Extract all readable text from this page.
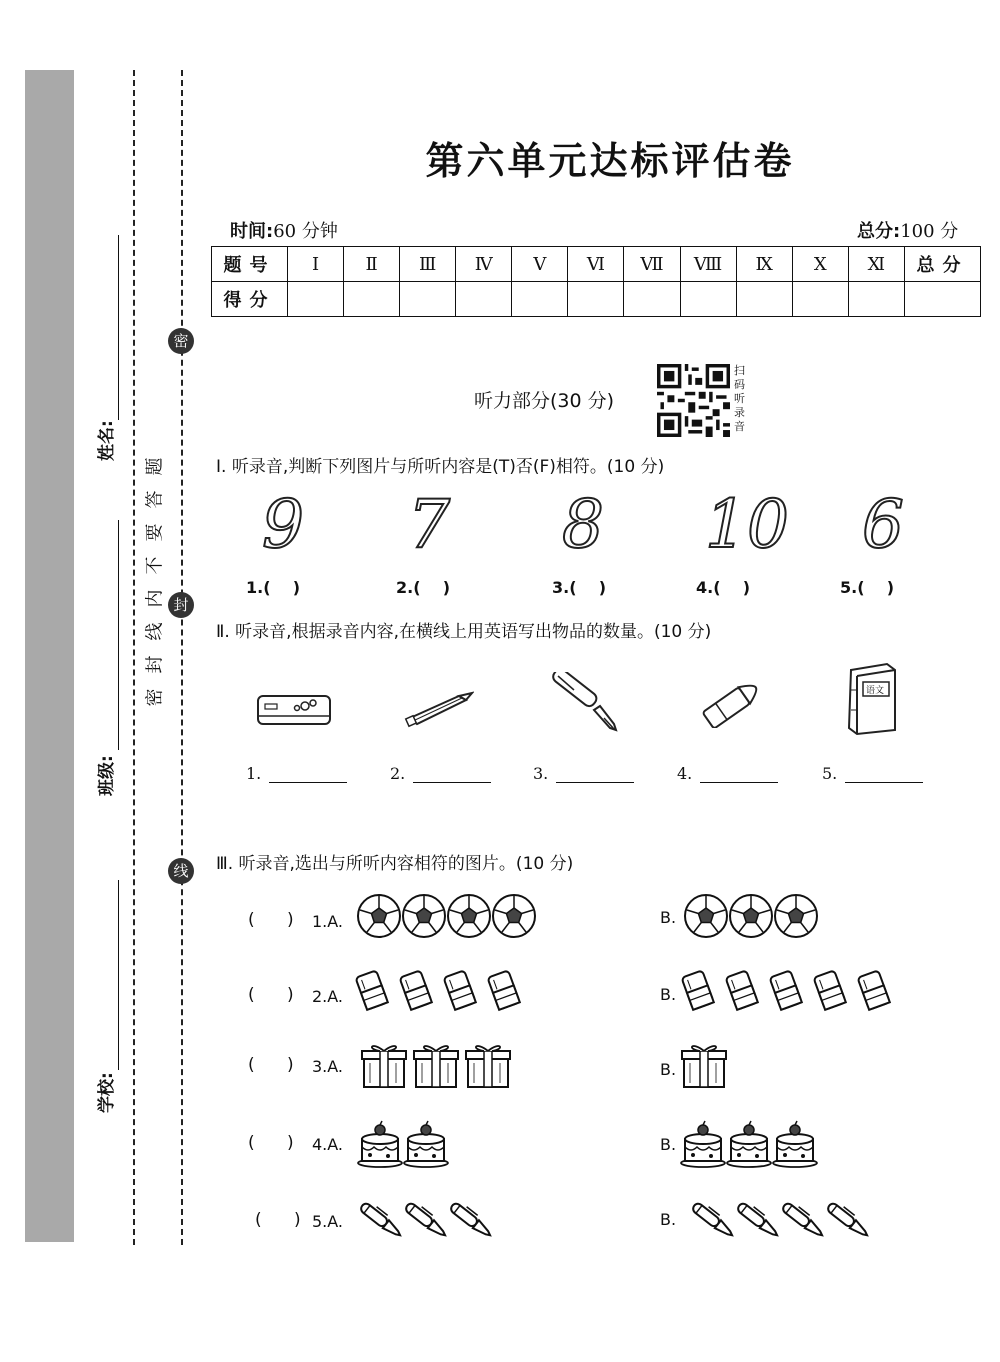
密
封
线
题
答
要
不
内
线
封
密
姓名:
班级:
学校:
第六单元达标评估卷
时间:60 分钟	总分:100 分
题号	Ⅰ	Ⅱ	Ⅲ	Ⅳ	Ⅴ	Ⅵ	Ⅶ	Ⅷ	Ⅸ	Ⅹ	Ⅺ	总分
得分												
听力部分(30 分)
扫
码
听
录
音
Ⅰ. 听录音,判断下列图片与所听内容是(T)否(F)相符。(10 分)
9	7	8	10	6
1.(    )	2.(    )	3.(    )	4.(    )	5.(    )
Ⅱ. 听录音,根据录音内容,在横线上用英语写出物品的数量。(10 分)
语文
1.	2.	3.	4.	5.
Ⅲ. 听录音,选出与所听内容相符的图片。(10 分)
(      ) 1.A.	B.
(      ) 2.A.	B.
(      ) 3.A.	B.
(      ) 4.A.	B.
(      ) 5.A.	B.
